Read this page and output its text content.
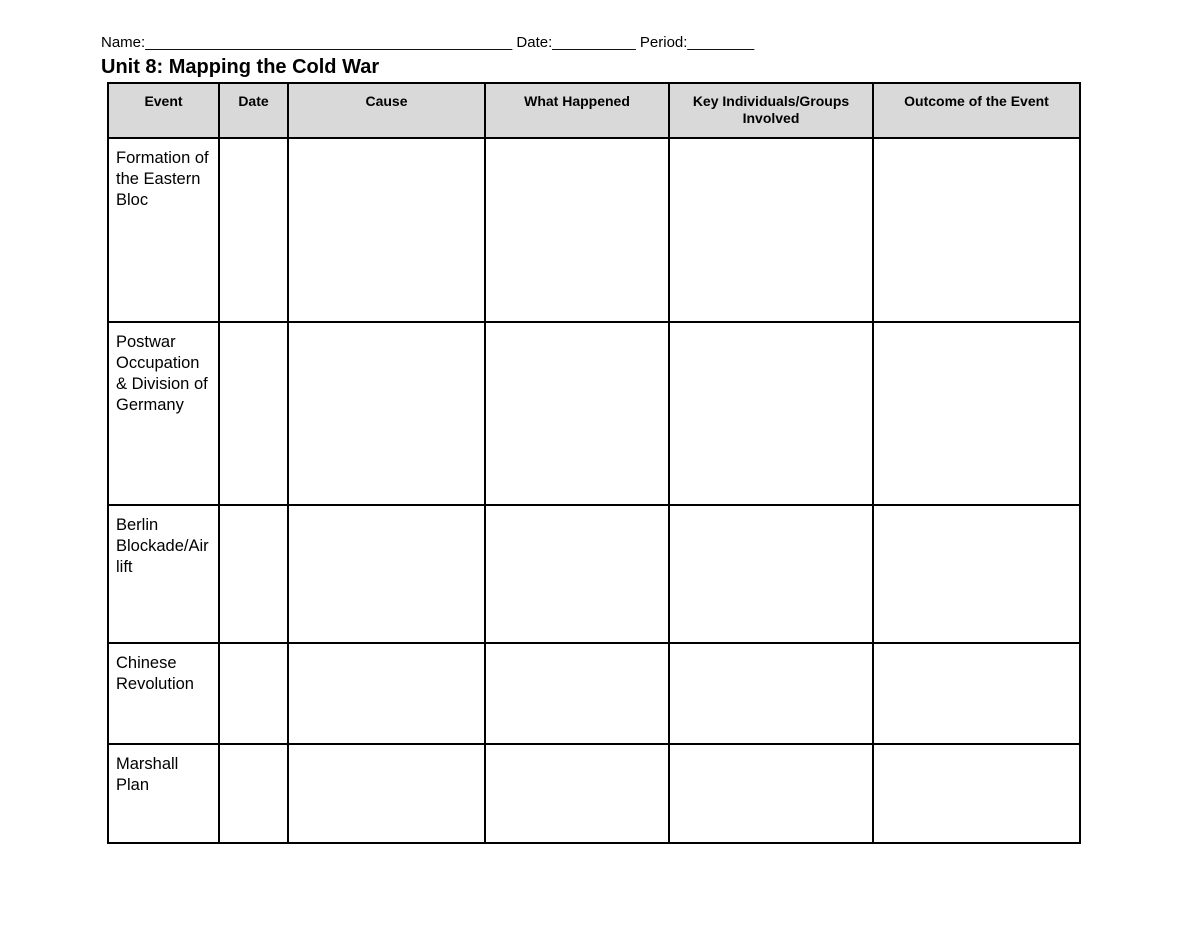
Name:____________________________________________ Date:__________ Period:________
Unit 8: Mapping the Cold War
Event	Date	Cause	What Happened	Key Individuals/Groups Involved	Outcome of the Event
Formation of the Eastern Bloc					
Postwar Occupation & Division of Germany					
Berlin Blockade/Airlift					
Chinese Revolution					
Marshall Plan					
